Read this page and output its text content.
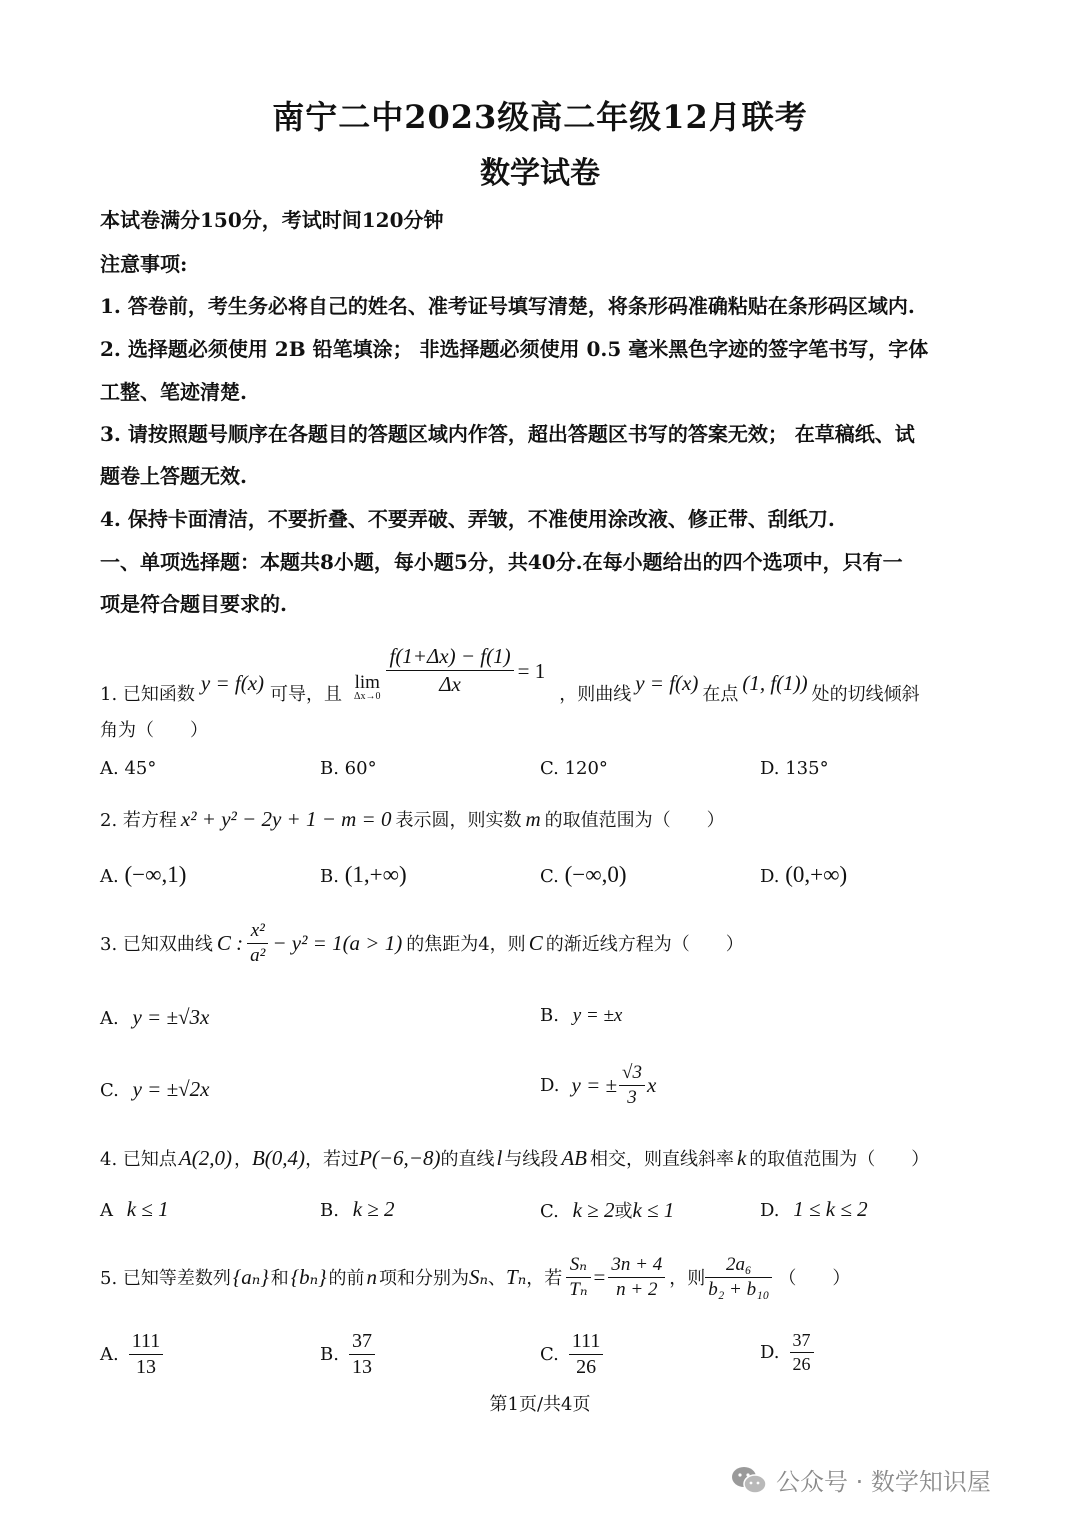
南宁二中2023级高二年级12月联考
数学试卷
本试卷满分150分，考试时间120分钟
注意事项:
1. 答卷前，考生务必将自己的姓名、准考证号填写清楚，将条形码准确粘贴在条形码区域内.
2. 选择题必须使用 2B 铅笔填涂； 非选择题必须使用 0.5 毫米黑色字迹的签字笔书写，字体
工整、笔迹清楚.
3. 请按照题号顺序在各题目的答题区域内作答，超出答题区书写的答案无效； 在草稿纸、试
题卷上答题无效.
4. 保持卡面清洁，不要折叠、不要弄破、弄皱，不准使用涂改液、修正带、刮纸刀.
一、单项选择题：本题共8小题，每小题5分，共40分.在每小题给出的四个选项中，只有一
项是符合题目要求的.
1. 已知函数 y = f(x) 可导，且
lim
Δx→0
$\frac{f(1+\Delta x) - f(1)}{\Delta x} = 1$
，则曲线 y = f(x) 在点 (1, f(1)) 处的切线倾斜
角为（　　）
A. 45°	B. 60°	C. 120°	D. 135°
2. 若方程 x² + y² − 2y + 1 − m = 0 表示圆，则实数 m 的取值范围为（　　）
A. (−∞,1)	B. (1,+∞)	C. (−∞,0)	D. (0,+∞)
3. 已知双曲线 C : $\frac{\text{x²}}{\text{a²}} - y^2 = 1(a > 1)$ 的焦距为4，则 C 的渐近线方程为（　　）
A. y = ±√3x	B. y = ±x
C. y = ±√2x	D. y = ± $\frac{√3}{3}$ x
4. 已知点 A(2,0) ， B(0,4) ，若过 P(−6,−8) 的直线 l 与线段 AB 相交，则直线斜率 k 的取值范围为（　　）
A k ≤ 1	B. k ≥ 2	C. k ≥ 2或k ≤ 1	D. 1 ≤ k ≤ 2
5. 已知等差数列 {aₙ} 和 {bₙ} 的前 n 项和分别为 Sₙ 、 Tₙ ，若 $\frac{\text{Sₙ}}{\text{Tₙ}} = \frac{3n + 4}{n + 2}$ ，则 $\frac{\text{2a₆}}{\text{b₂ + b₁₀}}$ （　　）
A. $\frac{111}{13}$	B. $\frac{37}{13}$	C. $\frac{111}{26}$	D. $\frac{37}{26}$
第1页/共4页
公众号 · 数学知识屋
